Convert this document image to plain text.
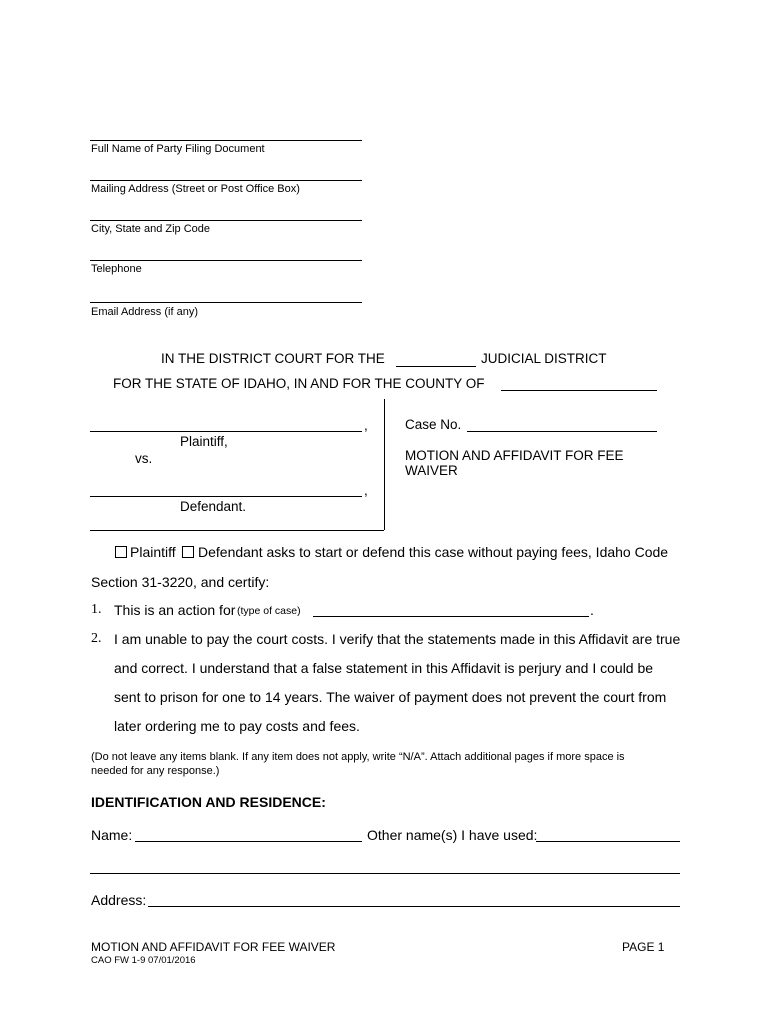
Full Name of Party Filing Document
Mailing Address (Street or Post Office Box)
City, State and Zip Code
Telephone
Email Address (if any)
IN THE DISTRICT COURT FOR THE	JUDICIAL DISTRICT
FOR THE STATE OF IDAHO, IN AND FOR THE COUNTY OF
,
Plaintiff,
vs.
,
Defendant.
Case No.
MOTION AND AFFIDAVIT FOR FEE
WAIVER
Plaintiff Defendant asks to start or defend this case without paying fees, Idaho Code
Section 31-3220, and certify:
1. This is an action for (type of case)	.
2. I am unable to pay the court costs. I verify that the statements made in this Affidavit are true
and correct. I understand that a false statement in this Affidavit is perjury and I could be
sent to prison for one to 14 years. The waiver of payment does not prevent the court from
later ordering me to pay costs and fees.
(Do not leave any items blank. If any item does not apply, write “N/A”. Attach additional pages if more space is
needed for any response.)
IDENTIFICATION AND RESIDENCE:
Name:	Other name(s) I have used:
Address:
MOTION AND AFFIDAVIT FOR FEE WAIVER
CAO FW 1-9 07/01/2016
PAGE 1
